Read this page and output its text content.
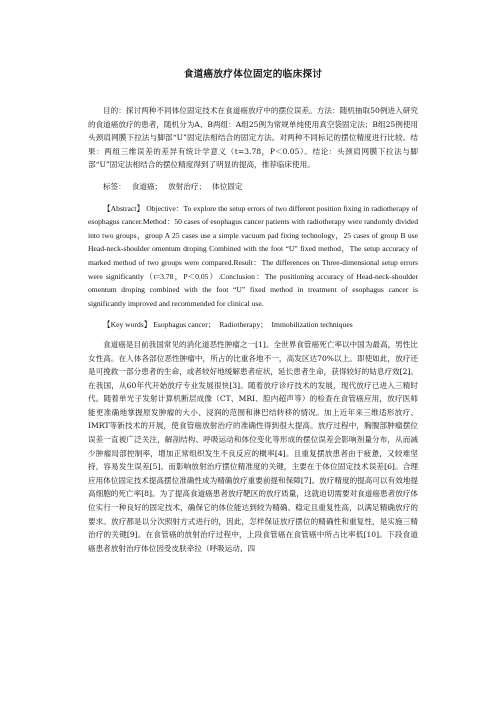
食道癌放疗体位固定的临床探讨

目的：探讨两种不同体位固定技术在食道癌放疗中的摆位误差。方法：随机抽取50例进入研究的食道癌放疗的患者，随机分为A、B两组：A组25例为常规单纯使用真空袋固定法；B组25例使用头颈肩网膜下拉法与脚部“U”固定法相结合的固定方法。对两种不同标记的摆位精度进行比较。结果：两组三维误差的差异有统计学意义（t=3.78，P＜0.05）。结论：头颈肩网膜下拉法与脚部“U”固定法相结合的摆位精度得到了明显的提高，推荐临床使用。

标签： 食道癌； 放射治疗； 体位固定

【Abstract】 Objective：To explore the setup errors of two different position fixing in radiotherapy of esophagus cancer.Method：50 cases of esophagus cancer patients with radiotherapy were randomly divided into two groups，group A 25 cases use a simple vacuum pad fixing technology，25 cases of group B use Head-neck-shoulder omentum droping Combined with the foot “U” fixed method，The setup accuracy of marked method of two groups were compared.Result：The differences on Three-dimensional setup errors were significantly（t=3.78，P＜0.05）.Conclusion：The positioning accuracy of Head-neck-shoulder omentum droping combined with the foot “U” fixed method in treatment of esophagus cancer is significantly improved and recommended for clinical use.

【Key words】 Esophagus cancer；　Radiotherapy；　Immobilization techniques

食道癌是目前我国常见的消化道恶性肿瘤之一[1]。全世界食管癌死亡率以中国为最高，男性比女性高。在人体各部位恶性肿瘤中，所占的比重各地不一，高发区达70%以上。即使如此，放疗还是可挽救一部分患者的生命，或者较好地缓解患者症状，延长患者生命，获得较好的姑息疗效[2]。在我国，从60年代开始放疗专业发展很快[3]。随着放疗诊疗技术的发展，现代放疗已进入三精时代。随着单光子发射计算机断层成像（CT、MRI、腔内超声等）的检查在食管癌应用，放疗医师能更准确地掌握原发肿瘤的大小、浸润的范围和淋巴结转移的情况。加上近年来三维适形放疗、IMRT等新技术的开展，使食管癌放射治疗的准确性得到很大提高。放疗过程中，胸腹部肿瘤摆位误差一直被广泛关注，解剖结构、呼吸运动和体位变化等形成的摆位误差会影响剂量分布，从而减少肿瘤局部控制率，增加正常组织发生不良反应的概率[4]。且重复摆放患者由于疲惫，又较难坚持，容易发生误差[5]。而影响放射治疗摆位精准度的关键，主要在于体位固定技术误差[6]。合理应用体位固定技术提高摆位准确性成为精确放疗重要前提和保障[7]。放疗精度的提高可以有效地提高细胞的死亡率[8]。为了提高食道癌患者放疗靶区的放疗质量，这就迫切需要对食道癌患者放疗体位实行一种良好的固定技术，确保它的体位能达到较为精确、稳定且重复性高，以满足精确放疗的要求。放疗都是以分次照射方式进行的，因此，怎样保证放疗摆位的精确性和重复性，是实施三精治疗的关键[9]。在食管癌的放射治疗过程中，上段食管癌在食管癌中所占比率低[10]。下段食道癌患者放射治疗体位因受皮肤牵拉（呼吸运动、四
